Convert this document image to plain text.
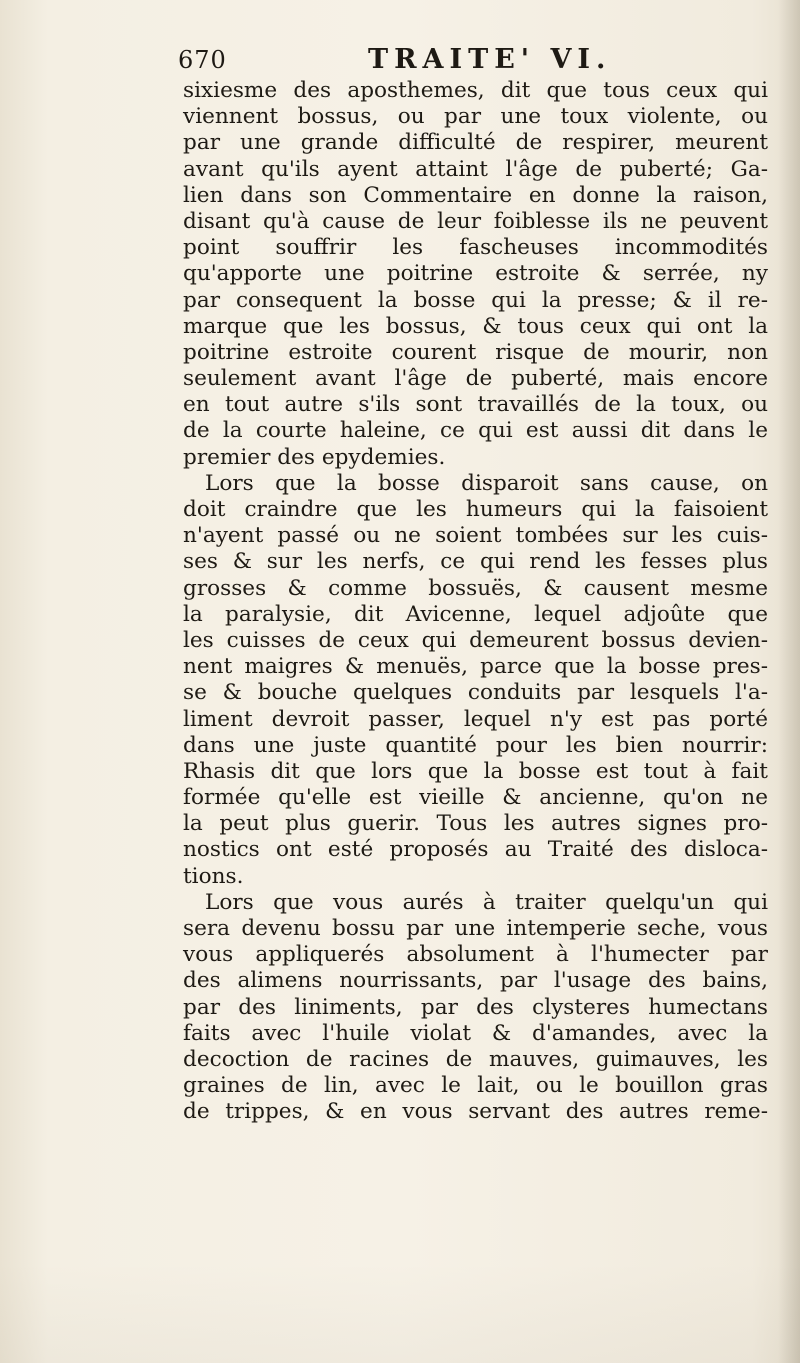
670	TRAITE' VI.
sixiesme des aposthemes, dit que tous ceux qui
viennent bossus, ou par une toux violente, ou
par une grande difficulté de respirer, meurent
avant qu'ils ayent attaint l'âge de puberté; Ga-
lien dans son Commentaire en donne la raison,
disant qu'à cause de leur foiblesse ils ne peuvent
point souffrir les fascheuses incommodités
qu'apporte une poitrine estroite & serrée, ny
par consequent la bosse qui la presse; & il re-
marque que les bossus, & tous ceux qui ont la
poitrine estroite courent risque de mourir, non
seulement avant l'âge de puberté, mais encore
en tout autre s'ils sont travaillés de la toux, ou
de la courte haleine, ce qui est aussi dit dans le
premier des epydemies.
Lors que la bosse disparoit sans cause, on
doit craindre que les humeurs qui la faisoient
n'ayent passé ou ne soient tombées sur les cuis-
ses & sur les nerfs, ce qui rend les fesses plus
grosses & comme bossuës, & causent mesme
la paralysie, dit Avicenne, lequel adjoûte que
les cuisses de ceux qui demeurent bossus devien-
nent maigres & menuës, parce que la bosse pres-
se & bouche quelques conduits par lesquels l'a-
liment devroit passer, lequel n'y est pas porté
dans une juste quantité pour les bien nourrir:
Rhasis dit que lors que la bosse est tout à fait
formée qu'elle est vieille & ancienne, qu'on ne
la peut plus guerir. Tous les autres signes pro-
nostics ont esté proposés au Traité des disloca-
tions.
Lors que vous aurés à traiter quelqu'un qui
sera devenu bossu par une intemperie seche, vous
vous appliquerés absolument à l'humecter par
des alimens nourrissants, par l'usage des bains,
par des liniments, par des clysteres humectans
faits avec l'huile violat & d'amandes, avec la
decoction de racines de mauves, guimauves, les
graines de lin, avec le lait, ou le bouillon gras
de trippes, & en vous servant des autres reme-
